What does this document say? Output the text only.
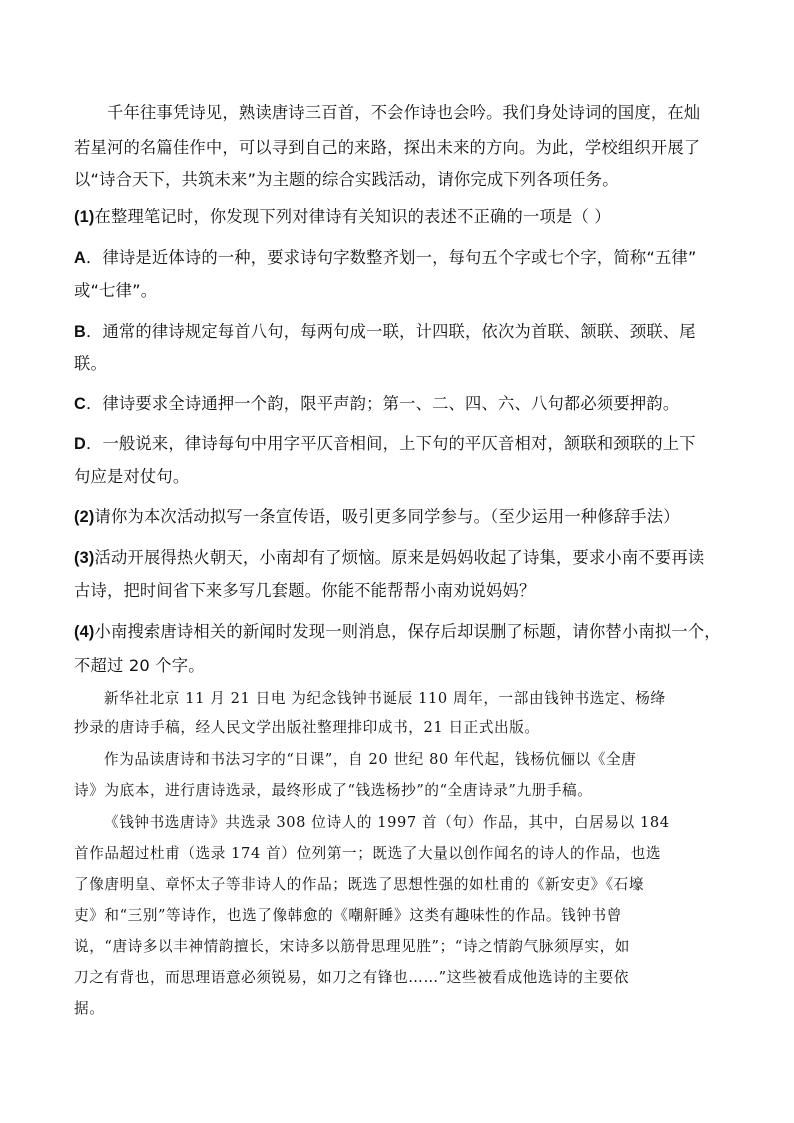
千年往事凭诗见，熟读唐诗三百首，不会作诗也会吟。我们身处诗词的国度，在灿
若星河的名篇佳作中，可以寻到自己的来路，探出未来的方向。为此，学校组织开展了
以“诗合天下，共筑未来”为主题的综合实践活动，请你完成下列各项任务。
(1)在整理笔记时，你发现下列对律诗有关知识的表述不正确的一项是（ ）
A．律诗是近体诗的一种，要求诗句字数整齐划一，每句五个字或七个字，简称“五律”
或“七律”。
B．通常的律诗规定每首八句，每两句成一联，计四联，依次为首联、颔联、颈联、尾
联。
C．律诗要求全诗通押一个韵，限平声韵；第一、二、四、六、八句都必须要押韵。
D．一般说来，律诗每句中用字平仄音相间，上下句的平仄音相对，颔联和颈联的上下
句应是对仗句。
(2)请你为本次活动拟写一条宣传语，吸引更多同学参与。（至少运用一种修辞手法）
(3)活动开展得热火朝天，小南却有了烦恼。原来是妈妈收起了诗集，要求小南不要再读
古诗，把时间省下来多写几套题。你能不能帮帮小南劝说妈妈？
(4)小南搜索唐诗相关的新闻时发现一则消息，保存后却误删了标题，请你替小南拟一个，
不超过 20 个字。
新华社北京 11 月 21 日电 为纪念钱钟书诞辰 110 周年，一部由钱钟书选定、杨绛
抄录的唐诗手稿，经人民文学出版社整理排印成书，21 日正式出版。
作为品读唐诗和书法习字的“日课”，自 20 世纪 80 年代起，钱杨伉俪以《全唐
诗》为底本，进行唐诗选录，最终形成了“钱选杨抄”的“全唐诗录”九册手稿。
《钱钟书选唐诗》共选录 308 位诗人的 1997 首（句）作品，其中，白居易以 184
首作品超过杜甫（选录 174 首）位列第一；既选了大量以创作闻名的诗人的作品，也选
了像唐明皇、章怀太子等非诗人的作品；既选了思想性强的如杜甫的《新安吏》《石壕
吏》和“三别”等诗作，也选了像韩愈的《嘲鼾睡》这类有趣味性的作品。钱钟书曾
说，“唐诗多以丰神情韵擅长，宋诗多以筋骨思理见胜”；“诗之情韵气脉须厚实，如
刀之有背也，而思理语意必须锐易，如刀之有锋也……”这些被看成他选诗的主要依
据。
